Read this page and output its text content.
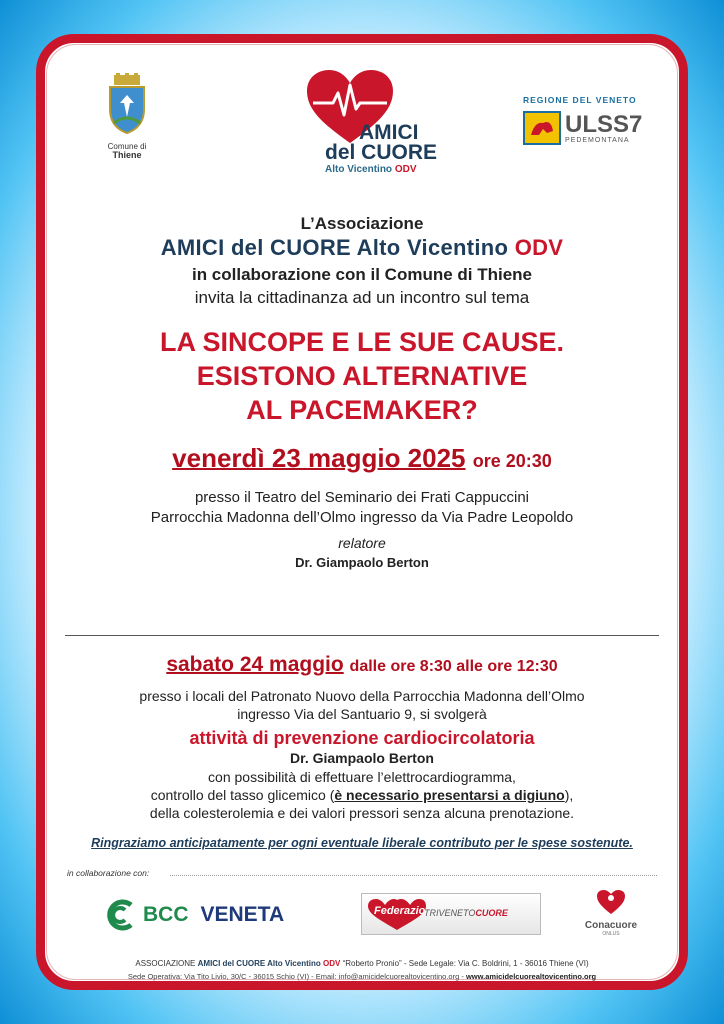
Comune di
Thiene
AMICI
del CUORE
Alto Vicentino ODV
REGIONE DEL VENETO
ULSS7
PEDEMONTANA
L’Associazione
AMICI del CUORE Alto Vicentino ODV
in collaborazione con il Comune di Thiene
invita la cittadinanza ad un incontro sul tema
LA SINCOPE E LE SUE CAUSE.
ESISTONO ALTERNATIVE
AL PACEMAKER?
venerdì 23 maggio 2025 ore 20:30
presso il Teatro del Seminario dei Frati Cappuccini
Parrocchia Madonna dell’Olmo ingresso da Via Padre Leopoldo
relatore
Dr. Giampaolo Berton
sabato 24 maggio dalle ore 8:30 alle ore 12:30
presso i locali del Patronato Nuovo della Parrocchia Madonna dell’Olmo
ingresso Via del Santuario 9, si svolgerà
attività di prevenzione cardiocircolatoria
Dr. Giampaolo Berton
con possibilità di effettuare l’elettrocardiogramma,
controllo del tasso glicemico (è necessario presentarsi a digiuno),
della colesterolemia e dei valori pressori senza alcuna prenotazione.
Ringraziamo anticipatamente per ogni eventuale liberale contributo per le spese sostenute.
in collaborazione con:
BCC VENETA	Federazione
TRIVENETOCUORE
Conacuore
ONLUS
ASSOCIAZIONE AMICI del CUORE Alto Vicentino ODV “Roberto Pronio” - Sede Legale: Via C. Boldrini, 1 - 36016 Thiene (VI)
Sede Operativa: Via Tito Livio, 30/C - 36015 Schio (VI) - Email: info@amicidelcuorealtovicentino.org - www.amicidelcuorealtovicentino.org
Iscritta al RUNTS (Registro Unico Nazionale del Terzo Settore) numero di repertorio 55069 - Decreto Regione Veneto n° 37 del 12.5.2000 - C.F.: 93017110243
